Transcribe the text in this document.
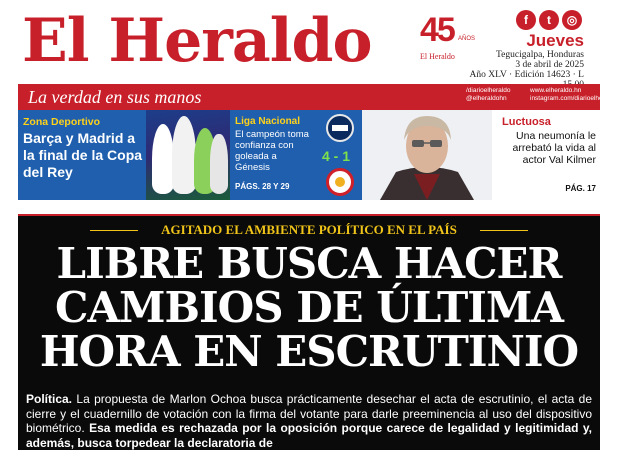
El Heraldo 45 AÑOS
El Heraldo
f	t	◎
Jueves
Tegucigalpa, Honduras
3 de abril de 2025
Año XLV · Edición 14623 · L
La verdad en sus manos	/diarioelheraldo
@elheraldohn
www.elheraldo.hn
instagram.com/diarioelheraldo
Zona Deportivo
Barça y Madrid a la final de la Copa del Rey
Liga Nacional
El campeón toma confianza con goleada a Génesis
PÁGS. 28 Y 29
4 - 1
Luctuosa
Una neumonía le arrebató la vida al actor Val Kilmer
PÁG. 17
AGITADO EL AMBIENTE POLÍTICO EN EL PAÍS
LIBRE BUSCA HACER
CAMBIOS DE ÚLTIMA
HORA EN ESCRUTINIO
Política. La propuesta de Marlon Ochoa busca prácticamente desechar el acta de escrutinio, el acta de cierre y el cuadernillo de votación con la firma del votante para darle preeminencia al uso del dispositivo biométrico. Esa medida es rechazada por la oposición porque carece de legalidad y legitimidad y, además, busca torpedear la declaratoria de
